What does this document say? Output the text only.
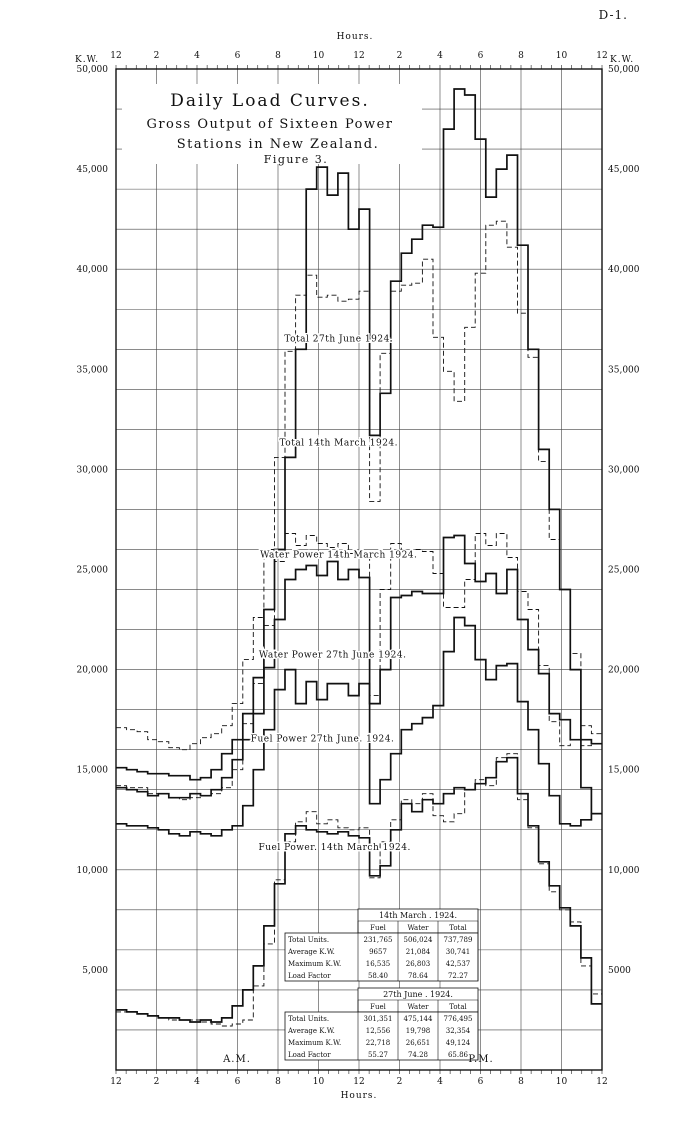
D-1.
12
12
2
2
4
4
6
6
8
8
10
10
12
12
2
2
4
4
6
6
8
8
10
10
12
12
5,000
10,000
15,000
20,000
25,000
30,000
35,000
40,000
45,000
50,000
5000
10,000
15,000
20,000
25,000
30,000
35,000
40,000
45,000
50,000
Hours.
K.W.	K.W.
Daily Load Curves.
Gross Output of Sixteen Power
Stations in New Zealand.
Figure 3.
Total 27th June 1924.
Total 14th March 1924.
Water Power 14th March 1924.
Water Power 27th June 1924.
Fuel Power 27th June. 1924.
Fuel Power. 14th March 1924.
14th March . 1924.
Fuel	Water	Total
Total Units.	231,765 506,024 737,789
Average K.W.	9657	21,084 30,741
Maximum K.W.	16,535 26,803 42,537
Load Factor	58.40	78.64	72.27
27th June . 1924.
Fuel	Water	Total
Total Units.	301,351 475,144 776,495
Average K.W.	12,556 19,798 32,354
Maximum K.W.	22,718 26,651 49,124
Load Factor	55.27	74.28	65.86
A.M.	P.M.
Hours.
